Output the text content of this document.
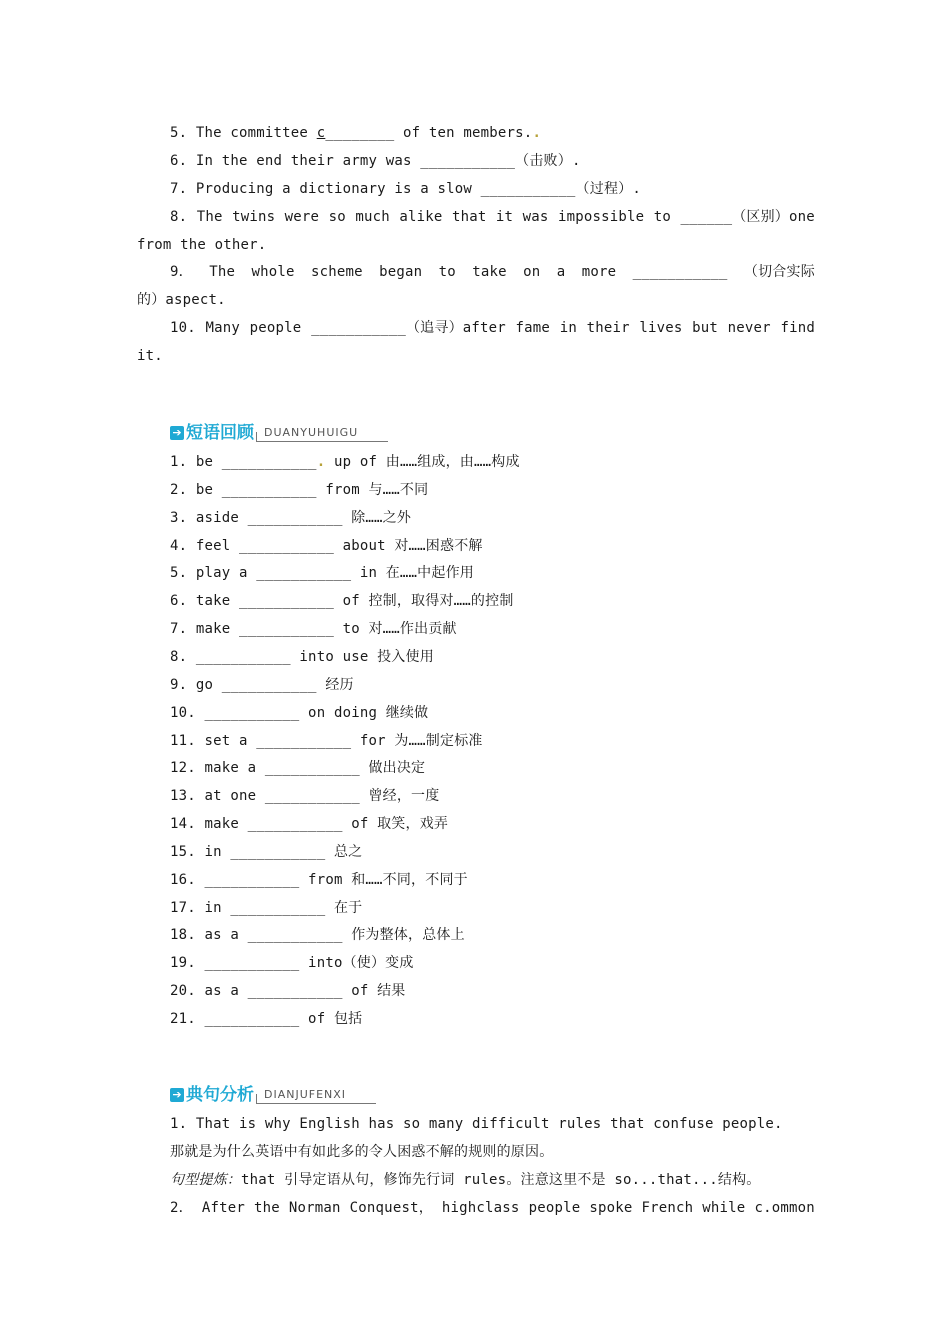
5. The committee c________ of ten members..
6. In the end their army was ___________（击败）.
7. Producing a dictionary is a slow ___________（过程）.
8. The twins were so much alike that it was impossible to ______（区别）one
from the other.
9． The whole scheme began to take on a more ___________ （切合实际
的）aspect.
10. Many people ___________（追寻）after fame in their lives but never find
it.
➔ 短语回顾 DUANYUHUIGU
1. be ___________. up of 由……组成，由……构成
2. be ___________ from 与……不同
3. aside ___________ 除……之外
4. feel ___________ about 对……困惑不解
5. play a ___________ in 在……中起作用
6. take ___________ of 控制，取得对……的控制
7. make ___________ to 对……作出贡献
8. ___________ into use 投入使用
9. go ___________ 经历
10. ___________ on doing 继续做
11. set a ___________ for 为……制定标准
12. make a ___________ 做出决定
13. at one ___________ 曾经，一度
14. make ___________ of 取笑，戏弄
15. in ___________ 总之
16. ___________ from 和……不同，不同于
17. in ___________ 在于
18. as a ___________ 作为整体，总体上
19. ___________ into（使）变成
20. as a ___________ of 结果
21. ___________ of 包括
➔ 典句分析 DIANJUFENXI
1. That is why English has so many difficult rules that confuse people.
那就是为什么英语中有如此多的令人困惑不解的规则的原因。
句型提炼：that 引导定语从句，修饰先行词 rules。注意这里不是 so...that...结构。
2． After the Norman Conquest， highclass people spoke French while c.ommon
